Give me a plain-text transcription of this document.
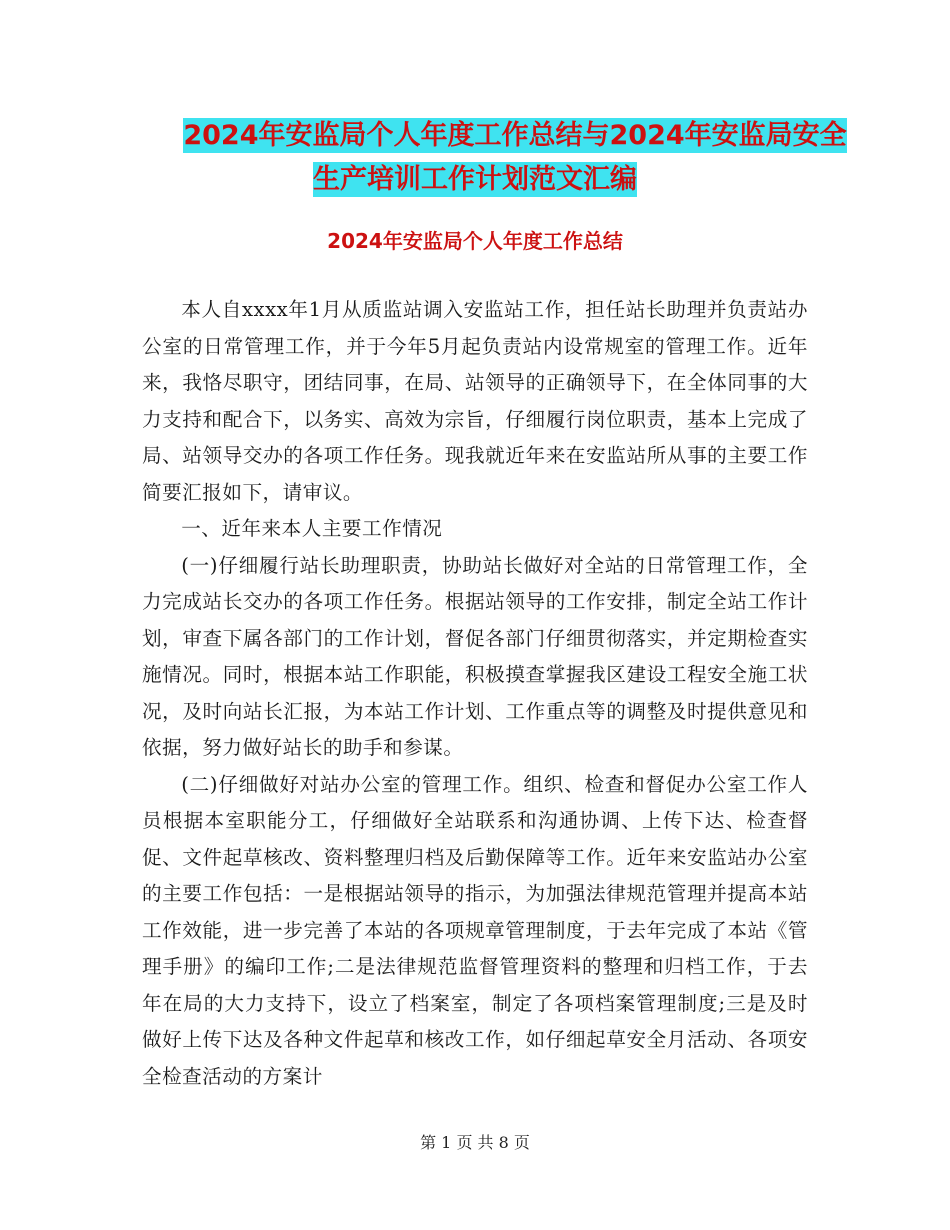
2024年安监局个人年度工作总结与2024年安监局安全
生产培训工作计划范文汇编
2024年安监局个人年度工作总结

本人自xxxx年1月从质监站调入安监站工作，担任站长助理并负责站办公室的日常管理工作，并于今年5月起负责站内设常规室的管理工作。近年来，我恪尽职守，团结同事，在局、站领导的正确领导下，在全体同事的大力支持和配合下，以务实、高效为宗旨，仔细履行岗位职责，基本上完成了局、站领导交办的各项工作任务。现我就近年来在安监站所从事的主要工作简要汇报如下，请审议。

一、近年来本人主要工作情况

(一)仔细履行站长助理职责，协助站长做好对全站的日常管理工作，全力完成站长交办的各项工作任务。根据站领导的工作安排，制定全站工作计划，审查下属各部门的工作计划，督促各部门仔细贯彻落实，并定期检查实施情况。同时，根据本站工作职能，积极摸查掌握我区建设工程安全施工状况，及时向站长汇报，为本站工作计划、工作重点等的调整及时提供意见和依据，努力做好站长的助手和参谋。

(二)仔细做好对站办公室的管理工作。组织、检查和督促办公室工作人员根据本室职能分工，仔细做好全站联系和沟通协调、上传下达、检查督促、文件起草核改、资料整理归档及后勤保障等工作。近年来安监站办公室的主要工作包括：一是根据站领导的指示，为加强法律规范管理并提高本站工作效能，进一步完善了本站的各项规章管理制度，于去年完成了本站《管理手册》的编印工作;二是法律规范监督管理资料的整理和归档工作，于去年在局的大力支持下，设立了档案室，制定了各项档案管理制度;三是及时做好上传下达及各种文件起草和核改工作，如仔细起草安全月活动、各项安全检查活动的方案计

第 1 页 共 8 页
